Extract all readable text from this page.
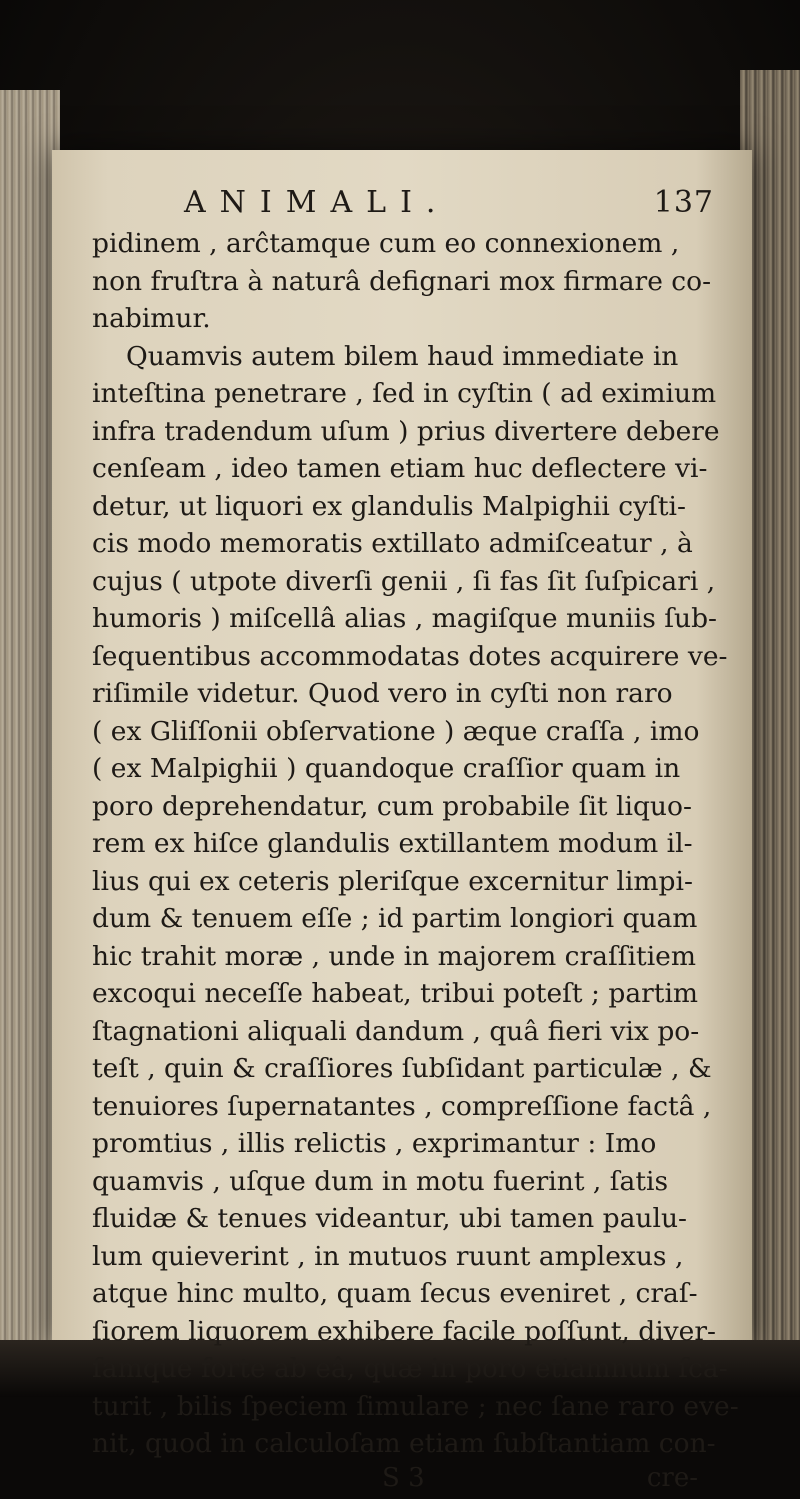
ANIMALI.	137
pidinem , arĉtamque cum eo connexionem ,
non fruſtra à naturâ defignari mox firmare co-
nabimur.
Quamvis autem bilem haud immediate in
inteſtina penetrare , ſed in cyſtin ( ad eximium
infra tradendum uſum ) prius divertere debere
cenſeam , ideo tamen etiam huc deflectere vi-
detur, ut liquori ex glandulis Malpighii cyſti-
cis modo memoratis extillato admiſceatur , à
cujus ( utpote diverſi genii , ſi fas ſit ſuſpicari ,
humoris ) miſcellâ alias , magiſque muniis ſub-
ſequentibus accommodatas dotes acquirere ve-
riſimile videtur. Quod vero in cyſti non raro
( ex Gliſſonii obſervatione ) æque craſſa , imo
( ex Malpighii ) quandoque craſſior quam in
poro deprehendatur, cum probabile ſit liquo-
rem ex hiſce glandulis extillantem modum il-
lius qui ex ceteris pleriſque excernitur limpi-
dum & tenuem eſſe ; id partim longiori quam
hic trahit moræ , unde in majorem craſſitiem
excoqui neceſſe habeat, tribui poteſt ; partim
ſtagnationi aliquali dandum , quâ fieri vix po-
teſt , quin & craſſiores ſubſidant particulæ , &
tenuiores ſupernatantes , compreſſione factâ ,
promtius , illis relictis , exprimantur : Imo
quamvis , uſque dum in motu fuerint , ſatis
fluidæ & tenues videantur, ubi tamen paulu-
lum quieverint , in mutuos ruunt amplexus ,
atque hinc multo, quam ſecus eveniret , craſ-
ſiorem liquorem exhibere facile poſſunt, diver-
ſamque forte ab eâ, quæ in poro etiamnum ſca-
turit , bilis ſpeciem ſimulare ; nec ſane raro eve-
nit, quod in calculoſam etiam ſubſtantiam con-
S 3	cre-
